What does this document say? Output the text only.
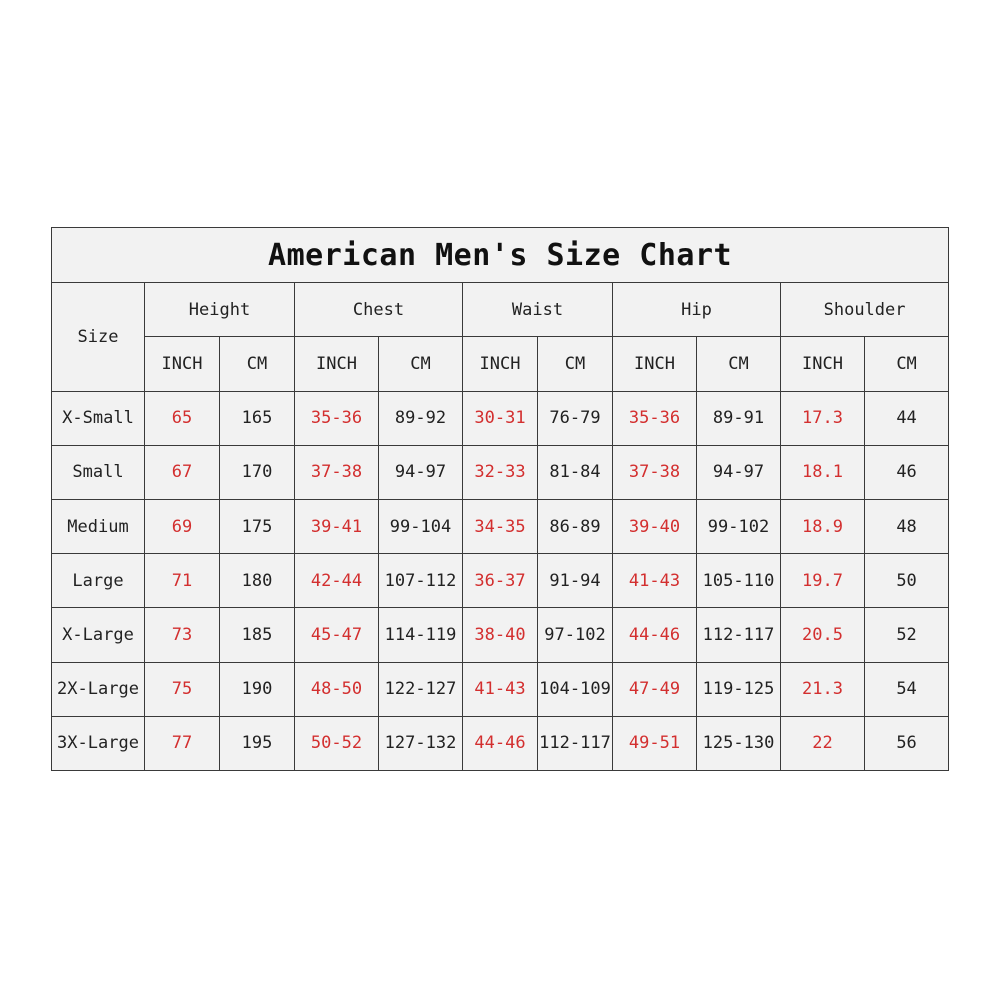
American Men's Size Chart										
Size	Height		Chest		Waist		Hip		Shoulder	
	INCH	CM	INCH	CM	INCH	CM	INCH	CM	INCH	CM
X-Small	65	165	35-36	89-92	30-31	76-79	35-36	89-91	17.3	44
Small	67	170	37-38	94-97	32-33	81-84	37-38	94-97	18.1	46
Medium	69	175	39-41	99-104	34-35	86-89	39-40	99-102	18.9	48
Large	71	180	42-44	107-112	36-37	91-94	41-43	105-110	19.7	50
X-Large	73	185	45-47	114-119	38-40	97-102	44-46	112-117	20.5	52
2X-Large	75	190	48-50	122-127	41-43	104-109	47-49	119-125	21.3	54
3X-Large	77	195	50-52	127-132	44-46	112-117	49-51	125-130	22	56
